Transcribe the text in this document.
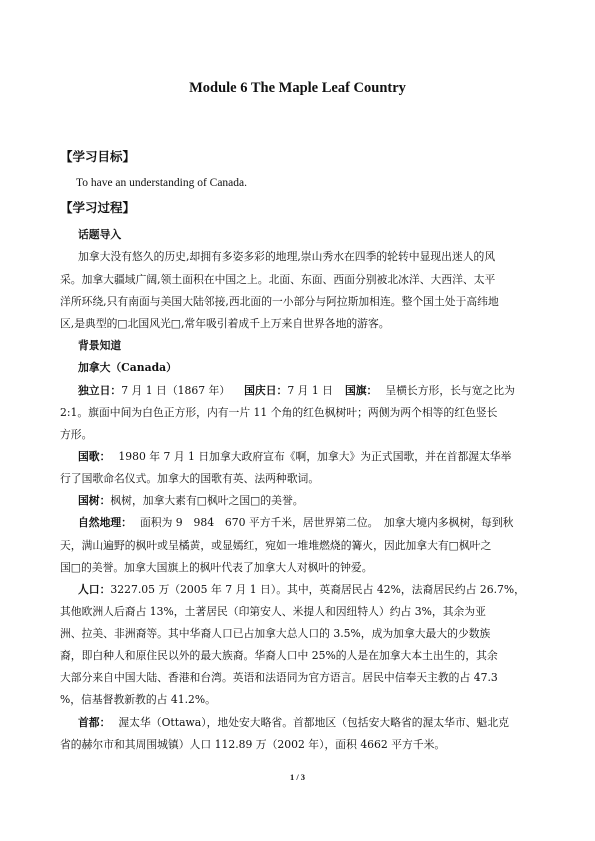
Module 6 The Maple Leaf Country
【学习目标】
To have an understanding of Canada.
【学习过程】
话题导入
加拿大没有悠久的历史,却拥有多姿多彩的地理,崇山秀水在四季的轮转中显现出迷人的风
采。加拿大疆域广阔,领土面积在中国之上。北面、东面、西面分别被北冰洋、大西洋、太平
洋所环绕,只有南面与美国大陆邻接,西北面的一小部分与阿拉斯加相连。整个国土处于高纬地
区,是典型的□北国风光□,常年吸引着成千上万来自世界各地的游客。
背景知道
加拿大（Canada）
独立日：7 月 1 日（1867 年） 国庆日：7 月 1 日 国旗： 呈横长方形，长与宽之比为
2:1。旗面中间为白色正方形，内有一片 11 个角的红色枫树叶；两侧为两个相等的红色竖长
方形。
国歌： 1980 年 7 月 1 日加拿大政府宣布《啊，加拿大》为正式国歌，并在首都渥太华举
行了国歌命名仪式。加拿大的国歌有英、法两种歌词。
国树：枫树，加拿大素有□枫叶之国□的美誉。
自然地理： 面积为 9　984　670 平方千米，居世界第二位。　加拿大境内多枫树，每到秋
天，满山遍野的枫叶或呈橘黄，或显嫣红，宛如一堆堆燃烧的篝火，因此加拿大有□枫叶之
国□的美誉。加拿大国旗上的枫叶代表了加拿大人对枫叶的钟爱。
人口：3227.05 万（2005 年 7 月 1 日）。其中，英裔居民占 42%，法裔居民约占 26.7%，
其他欧洲人后裔占 13%，土著居民（印第安人、米提人和因纽特人）约占 3%，其余为亚
洲、拉美、非洲裔等。其中华裔人口已占加拿大总人口的 3.5%，成为加拿大最大的少数族
裔，即白种人和原住民以外的最大族裔。华裔人口中 25%的人是在加拿大本土出生的，其余
大部分来自中国大陆、香港和台湾。英语和法语同为官方语言。居民中信奉天主教的占 47.3
%，信基督教新教的占 41.2%。
首都： 渥太华（Ottawa），地处安大略省。首都地区（包括安大略省的渥太华市、魁北克
省的赫尔市和其周围城镇）人口 112.89 万（2002 年），面积 4662 平方千米。
1 / 3
